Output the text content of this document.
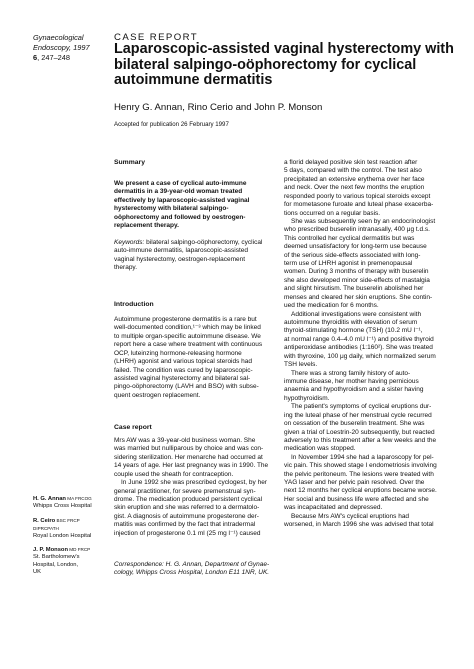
Gynaecological
Endoscopy, 1997
6, 247–248
CASE REPORT
Laparoscopic-assisted vaginal hysterectomy with
bilateral salpingo-oöphorectomy for cyclical
autoimmune dermatitis
Henry G. Annan, Rino Cerio and John P. Monson
Accepted for publication 26 February 1997
Summary
We present a case of cyclical auto-immune
dermatitis in a 39-year-old woman treated
effectively by laparoscopic-assisted vaginal
hysterectomy with bilateral salpingo-
oöphorectomy and followed by oestrogen-
replacement therapy.
Keywords: bilateral salpingo-oöphorectomy, cyclical
auto-immune dermatitis, laparoscopic-assisted
vaginal hysterectomy, oestrogen-replacement
therapy.
Introduction
Autoimmune progesterone dermatitis is a rare but
well-documented condition,¹⁻³ which may be linked
to multiple organ-specific autoimmune disease. We
report here a case where treatment with continuous
OCP, luteinzing hormone-releasing hormone
(LHRH) agonist and various topical steroids had
failed. The condition was cured by laparoscopic-
assisted vaginal hysterectomy and bilateral sal-
pingo-oöphorectomy (LAVH and BSO) with subse-
quent oestrogen replacement.
Case report
Mrs AW was a 39-year-old business woman. She
was married but nulliparous by choice and was con-
sidering sterilization. Her menarche had occurred at
14 years of age. Her last pregnancy was in 1990. The
couple used the sheath for contraception.
In June 1992 she was prescribed cyclogest, by her
general practitioner, for severe premenstrual syn-
drome. The medication produced persistent cyclical
skin eruption and she was referred to a dermatolo-
gist. A diagnosis of autoimmune progesterone der-
matitis was confirmed by the fact that intradermal
injection of progesterone 0.1 ml (25 mg l⁻¹) caused
Correspondence: H. G. Annan, Department of Gynae-
cology, Whipps Cross Hospital, London E11 1NR, UK.
H. G. Annan MA FRCOG
Whipps Cross Hospital
R. Ceiro BSC FRCP
DIPRCPATH
Royal London Hospital
J. P. Monson MD FRCP
St. Bartholomew's
Hospital, London,
UK
a florid delayed positive skin test reaction after
5 days, compared with the control. The test also
precipitated an extensive erythema over her face
and neck. Over the next few months the eruption
responded poorly to various topical steroids except
for mometasone furoate and luteal phase exacerba-
tions occurred on a regular basis.
She was subsequently seen by an endocrinologist
who prescribed buserelin intranasally, 400 μg t.d.s.
This controlled her cyclical dermatitis but was
deemed unsatisfactory for long-term use because
of the serious side-effects associated with long-
term use of LHRH agonist in premenopausal
women. During 3 months of therapy with buserelin
she also developed minor side-effects of mastalgia
and slight hirsutism. The buserelin abolished her
menses and cleared her skin eruptions. She contin-
ued the medication for 6 months.
Additional investigations were consistent with
autoimmune thyroiditis with elevation of serum
thyroid-stimulating hormone (TSH) (10.2 mU l⁻¹,
at normal range 0.4–4.0 mU l⁻¹) and positive thyroid
antiperoxidase antibodies (1:160²). She was treated
with thyroxine, 100 μg daily, which normalized serum
TSH levels.
There was a strong family history of auto-
immune disease, her mother having pernicious
anaemia and hypothyroidism and a sister having
hypothyroidism.
The patient's symptoms of cyclical eruptions dur-
ing the luteal phase of her menstrual cycle recurred
on cessation of the buserelin treatment. She was
given a trial of Loestrin-20 subsequently, but reacted
adversely to this treatment after a few weeks and the
medication was stopped.
In November 1994 she had a laparoscopy for pel-
vic pain. This showed stage I endometriosis involving
the pelvic peritoneum. The lesions were treated with
YAG laser and her pelvic pain resolved. Over the
next 12 months her cyclical eruptions became worse.
Her social and business life were affected and she
was incapacitated and depressed.
Because Mrs AW's cyclical eruptions had
worsened, in March 1996 she was advised that total
